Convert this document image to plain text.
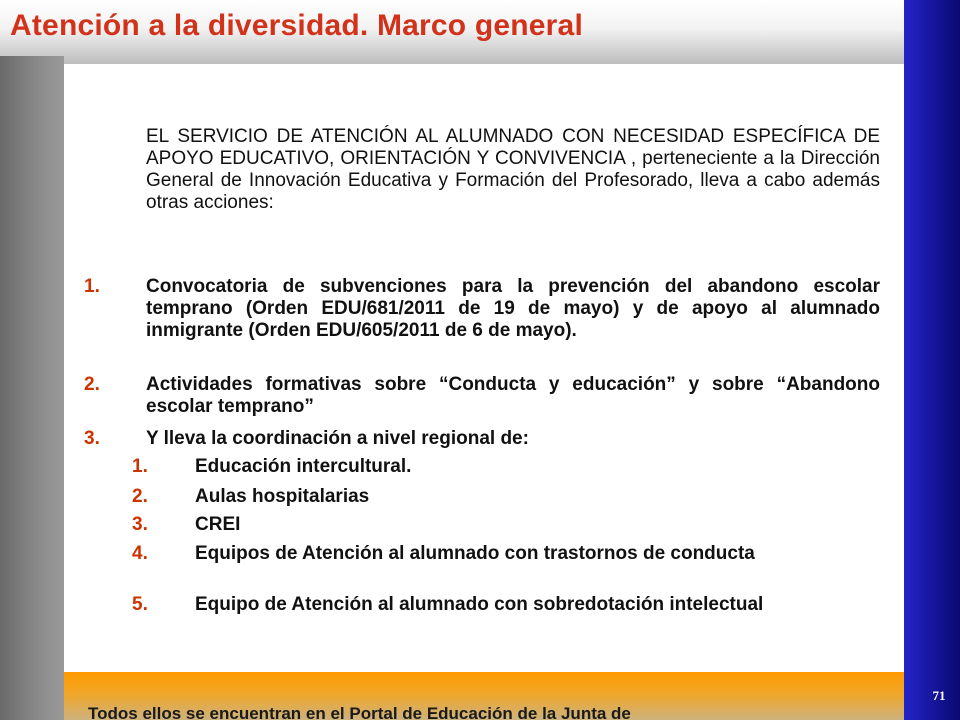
Atención a la diversidad. Marco general

EL SERVICIO DE ATENCIÓN AL ALUMNADO CON NECESIDAD ESPECÍFICA DE APOYO EDUCATIVO, ORIENTACIÓN Y CONVIVENCIA , perteneciente a la Dirección General de Innovación Educativa y Formación del Profesorado, lleva a cabo además otras acciones:

1. Convocatoria de subvenciones para la prevención del abandono escolar temprano (Orden EDU/681/2011 de 19 de mayo) y de apoyo al alumnado inmigrante (Orden EDU/605/2011 de 6 de mayo).
2. Actividades formativas sobre “Conducta y educación” y sobre “Abandono escolar temprano”
3. Y lleva la coordinación a nivel regional de:
1. Educación intercultural.
2. Aulas hospitalarias
3. CREI
4. Equipos de Atención al alumnado con trastornos de conducta
5. Equipo de Atención al alumnado con sobredotación intelectual

Todos ellos se encuentran en el Portal de Educación de la Junta de

71
